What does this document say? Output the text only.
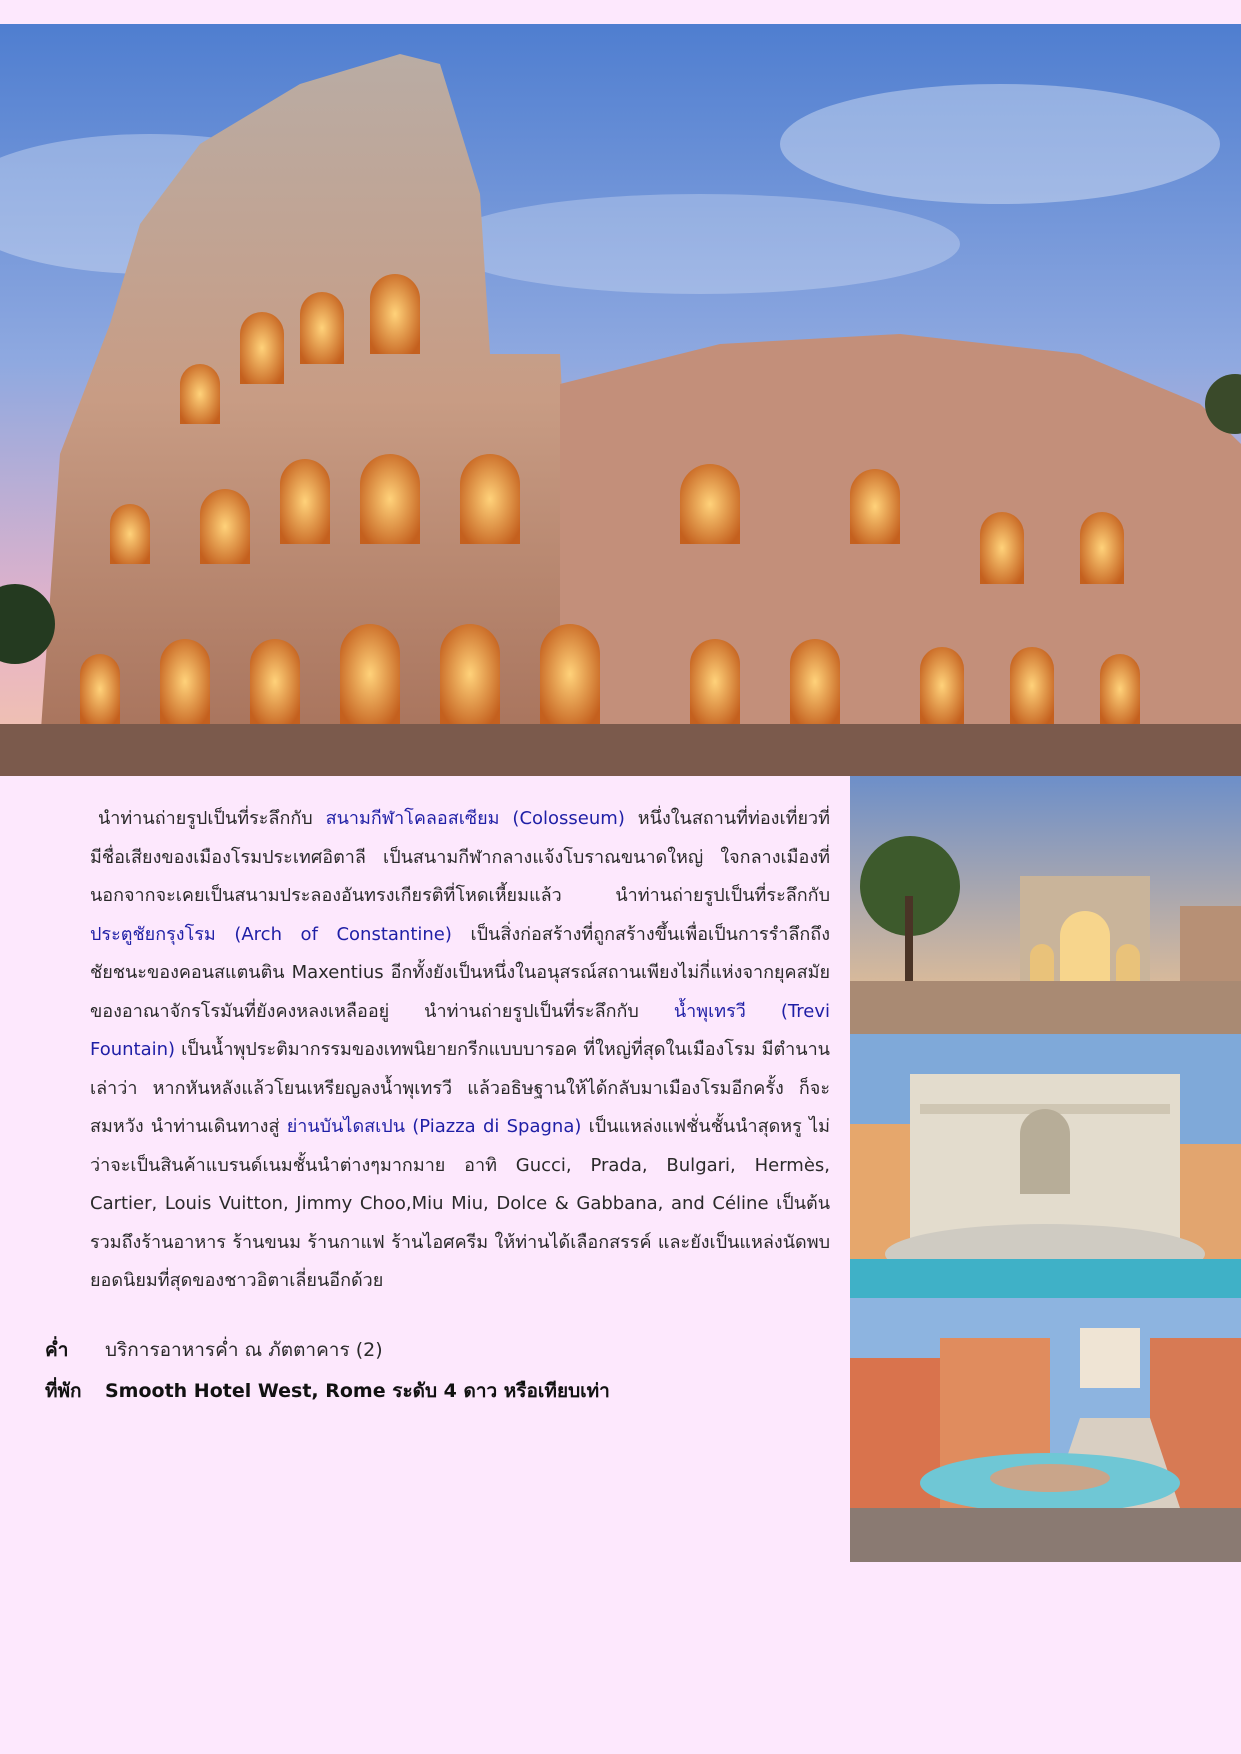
นำท่านถ่ายรูปเป็นที่ระลึกกับ สนามกีฬาโคลอสเซียม (Colosseum) หนึ่งในสถานที่ท่องเที่ยวที่มีชื่อเสียงของเมืองโรมประเทศอิตาลี เป็นสนามกีฬากลางแจ้งโบราณขนาดใหญ่ ใจกลางเมืองที่นอกจากจะเคยเป็นสนามประลองอันทรงเกียรติที่โหดเหี้ยมแล้ว นำท่านถ่ายรูปเป็นที่ระลึกกับ ประตูชัยกรุงโรม (Arch of Constantine) เป็นสิ่งก่อสร้างที่ถูกสร้างขึ้นเพื่อเป็นการรำลึกถึงชัยชนะของคอนสแตนติน Maxentius อีกทั้งยังเป็นหนึ่งในอนุสรณ์สถานเพียงไม่กี่แห่งจากยุคสมัยของอาณาจักรโรมันที่ยังคงหลงเหลืออยู่ นำท่านถ่ายรูปเป็นที่ระลึกกับ น้ำพุเทรวี (Trevi Fountain) เป็นน้ำพุประติมากรรมของเทพนิยายกรีกแบบบารอค ที่ใหญ่ที่สุดในเมืองโรม มีตำนานเล่าว่า หากหันหลังแล้วโยนเหรียญลงน้ำพุเทรวี แล้วอธิษฐานให้ได้กลับมาเมืองโรมอีกครั้ง ก็จะสมหวัง นำท่านเดินทางสู่ ย่านบันไดสเปน (Piazza di Spagna) เป็นแหล่งแฟชั่นชั้นนำสุดหรู ไม่ว่าจะเป็นสินค้าแบรนด์เนมชั้นนำต่างๆมากมาย อาทิ Gucci, Prada, Bulgari, Hermès, Cartier, Louis Vuitton, Jimmy Choo,Miu Miu, Dolce & Gabbana, and Céline เป็นต้น รวมถึงร้านอาหาร ร้านขนม ร้านกาแฟ ร้านไอศครีม ให้ท่านได้เลือกสรรค์ และยังเป็นแหล่งนัดพบยอดนิยมที่สุดของชาวอิตาเลี่ยนอีกด้วย

ค่ำ	บริการอาหารค่ำ ณ ภัตตาคาร (2)
ที่พัก	Smooth Hotel West, Rome ระดับ 4 ดาว หรือเทียบเท่า
